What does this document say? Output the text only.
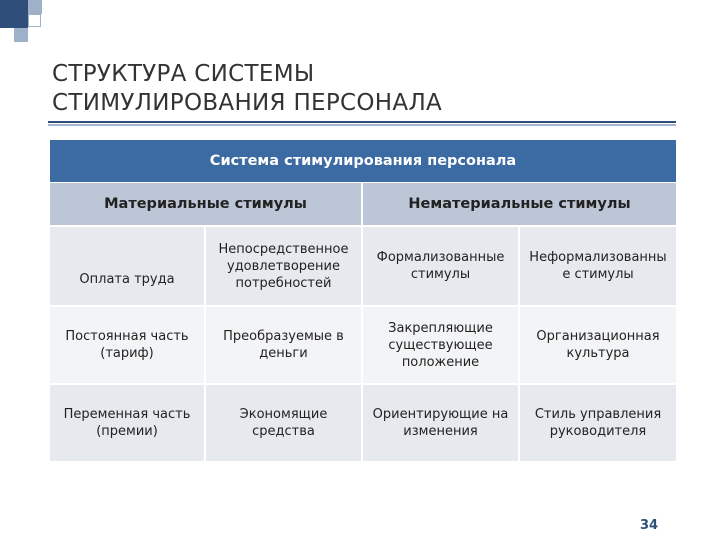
СТРУКТУРА СИСТЕМЫ
СТИМУЛИРОВАНИЯ ПЕРСОНАЛА
Система стимулирования персонала
Материальные стимулы	Нематериальные стимулы
Оплата труда
Непосредственное удовлетворение потребностей
Формализованные стимулы
Неформализованны е стимулы
Постоянная часть (тариф)
Преобразуемые в деньги
Закрепляющие существующее положение
Организационная культура
Переменная часть (премии)
Экономящие средства
Ориентирующие на изменения
Стиль управления руководителя
34
